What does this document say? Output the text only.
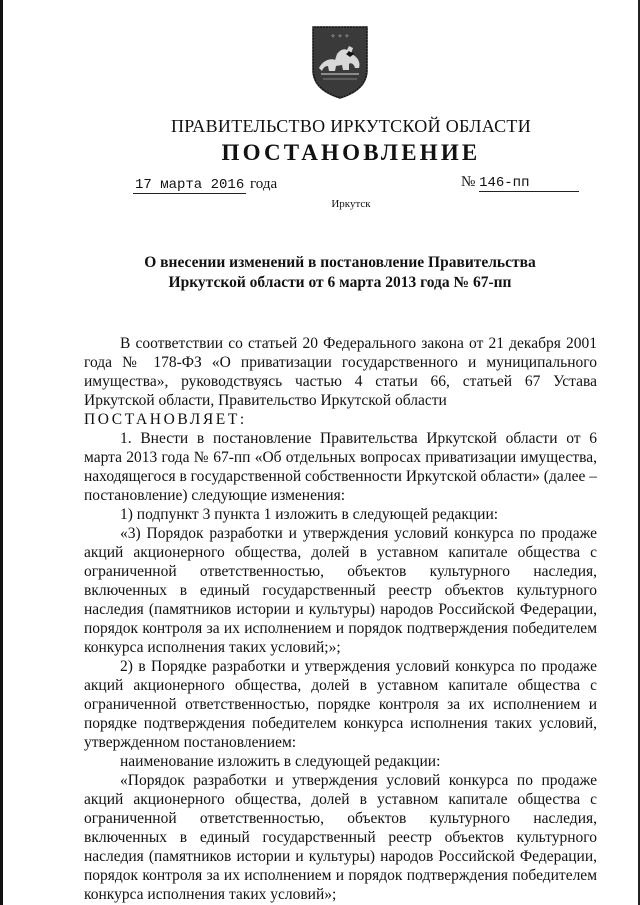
✧ ✧ ✧
ПРАВИТЕЛЬСТВО ИРКУТСКОЙ ОБЛАСТИ
ПОСТАНОВЛЕНИЕ
17 марта 2016 года	№ 146-пп
Иркутск
О внесении изменений в постановление Правительства
Иркутской области от 6 марта 2013 года № 67-пп

В соответствии со статьей 20 Федерального закона от 21 декабря 2001 года № 178-ФЗ «О приватизации государственного и муниципального имущества», руководствуясь частью 4 статьи 66, статьей 67 Устава Иркутской области, Правительство Иркутской области

ПОСТАНОВЛЯЕТ:

1. Внести в постановление Правительства Иркутской области от 6 марта 2013 года № 67-пп «Об отдельных вопросах приватизации имущества, находящегося в государственной собственности Иркутской области» (далее – постановление) следующие изменения:

1) подпункт 3 пункта 1 изложить в следующей редакции:

«3) Порядок разработки и утверждения условий конкурса по продаже акций акционерного общества, долей в уставном капитале общества с ограниченной ответственностью, объектов культурного наследия, включенных в единый государственный реестр объектов культурного наследия (памятников истории и культуры) народов Российской Федерации, порядок контроля за их исполнением и порядок подтверждения победителем конкурса исполнения таких условий;»;

2) в Порядке разработки и утверждения условий конкурса по продаже акций акционерного общества, долей в уставном капитале общества с ограниченной ответственностью, порядке контроля за их исполнением и порядке подтверждения победителем конкурса исполнения таких условий, утвержденном постановлением:

наименование изложить в следующей редакции:

«Порядок разработки и утверждения условий конкурса по продаже акций акционерного общества, долей в уставном капитале общества с ограниченной ответственностью, объектов культурного наследия, включенных в единый государственный реестр объектов культурного наследия (памятников истории и культуры) народов Российской Федерации, порядок контроля за их исполнением и порядок подтверждения победителем конкурса исполнения таких условий»;
